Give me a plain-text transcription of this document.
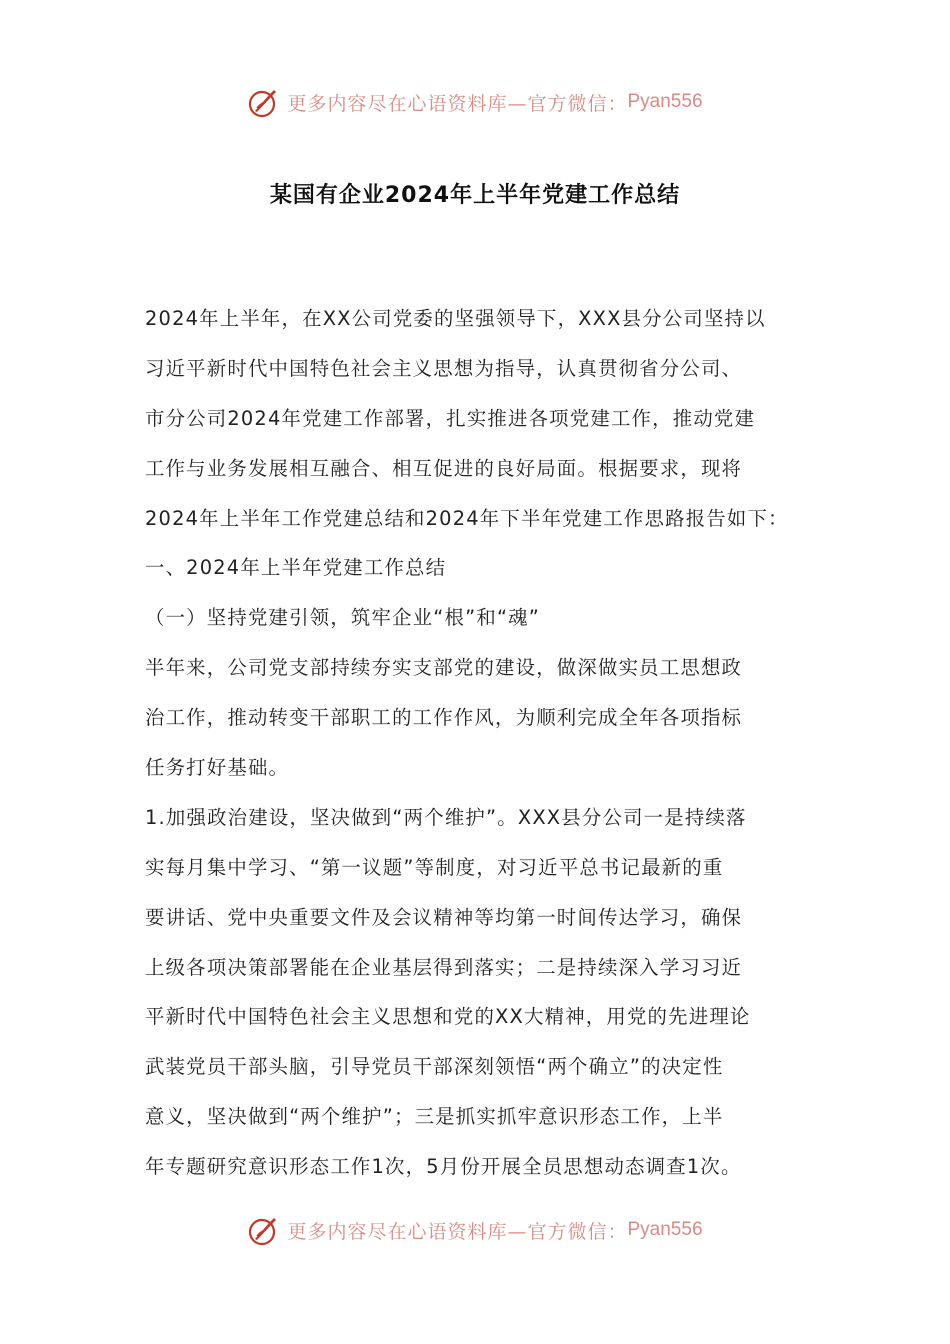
更多内容尽在心语资料库—官方微信： Pyan556
某国有企业2024年上半年党建工作总结
2024年上半年，在XX公司党委的坚强领导下，XXX县分公司坚持以
习近平新时代中国特色社会主义思想为指导，认真贯彻省分公司、
市分公司2024年党建工作部署，扎实推进各项党建工作，推动党建
工作与业务发展相互融合、相互促进的良好局面。根据要求，现将
2024年上半年工作党建总结和2024年下半年党建工作思路报告如下：
一、2024年上半年党建工作总结
（一）坚持党建引领，筑牢企业“根”和“魂”
半年来，公司党支部持续夯实支部党的建设，做深做实员工思想政
治工作，推动转变干部职工的工作作风，为顺利完成全年各项指标
任务打好基础。
1.加强政治建设，坚决做到“两个维护”。XXX县分公司一是持续落
实每月集中学习、“第一议题”等制度，对习近平总书记最新的重
要讲话、党中央重要文件及会议精神等均第一时间传达学习，确保
上级各项决策部署能在企业基层得到落实；二是持续深入学习习近
平新时代中国特色社会主义思想和党的XX大精神，用党的先进理论
武装党员干部头脑，引导党员干部深刻领悟“两个确立”的决定性
意义，坚决做到“两个维护”；三是抓实抓牢意识形态工作，上半
年专题研究意识形态工作1次，5月份开展全员思想动态调查1次。
更多内容尽在心语资料库—官方微信： Pyan556
